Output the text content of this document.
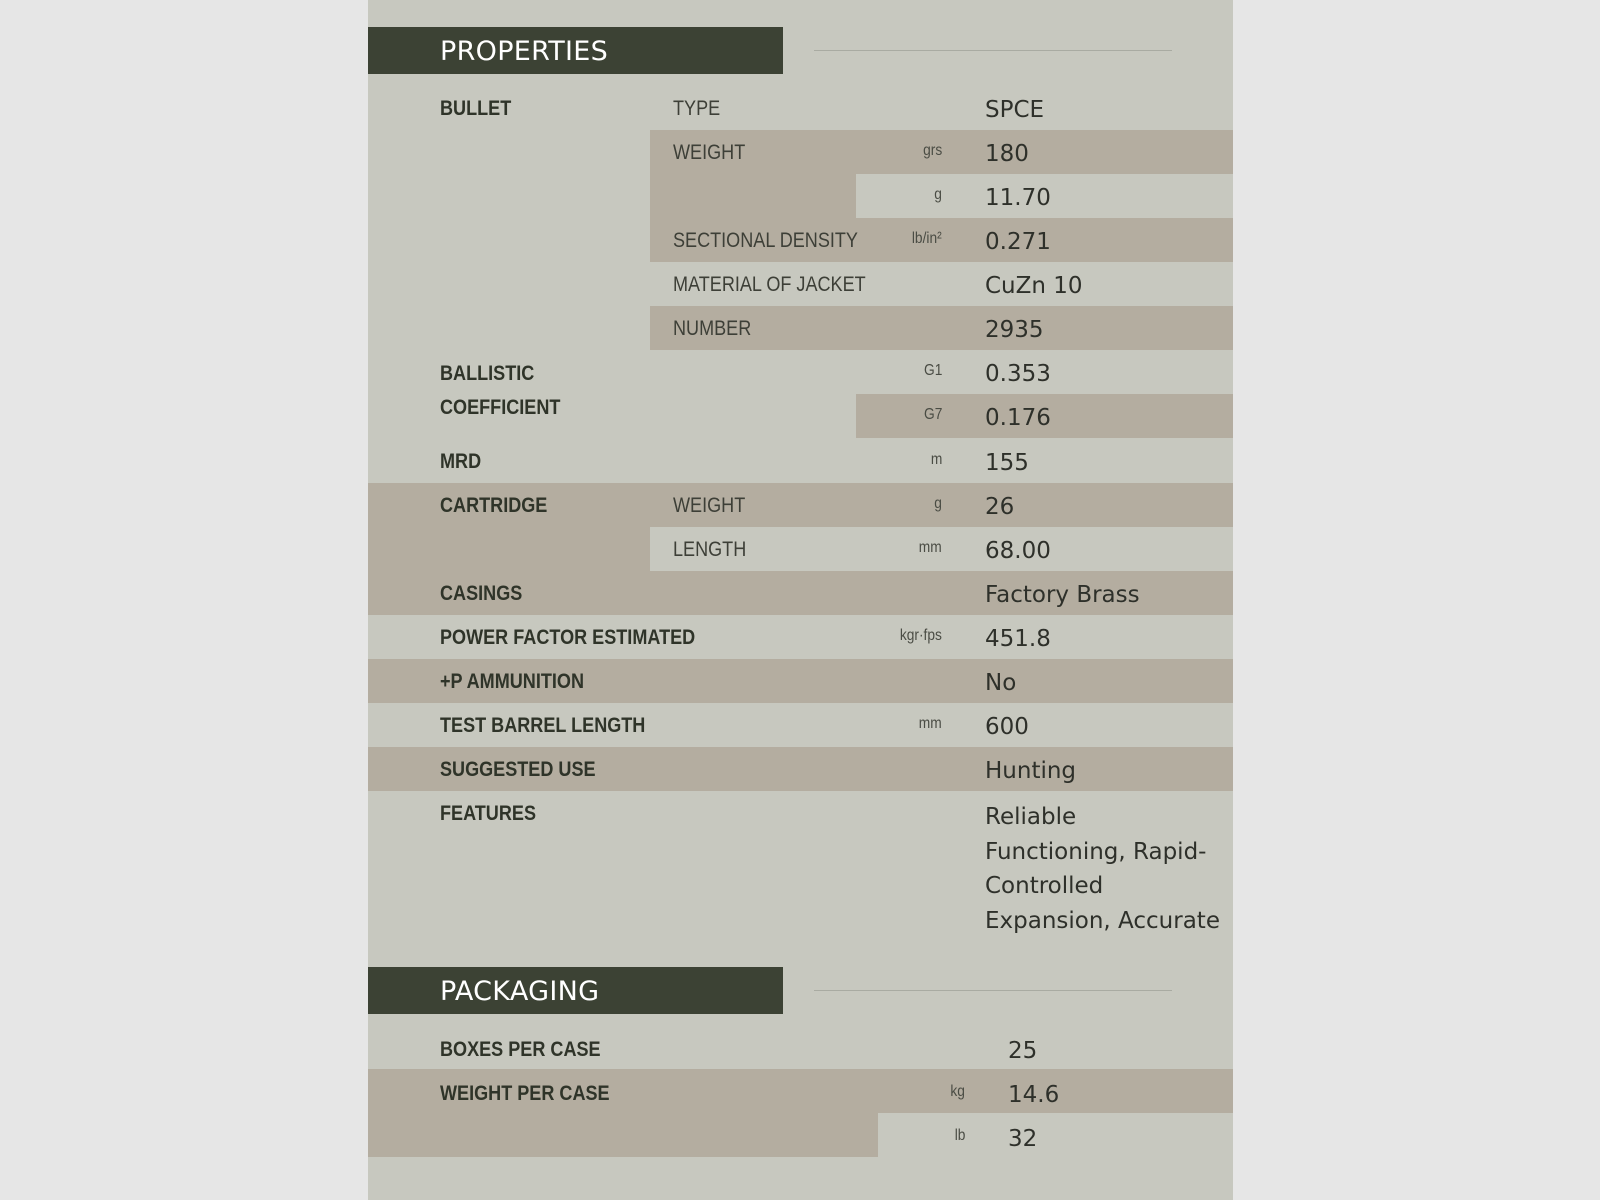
PROPERTIES
BULLET	TYPE	SPCE
WEIGHT	grs 180
g 11.70
SECTIONAL DENSITY	lb/in² 0.271
MATERIAL OF JACKET	CuZn 10
NUMBER	2935
BALLISTIC
COEFFICIENT
G1 0.353
G7 0.176
MRD	m 155
CARTRIDGE	WEIGHT	g 26
LENGTH	mm 68.00
CASINGS	Factory Brass
POWER FACTOR ESTIMATED	kgr·fps 451.8
+P AMMUNITION	No
TEST BARREL LENGTH	mm 600
SUGGESTED USE	Hunting
FEATURES	Reliable Functioning, Rapid-Controlled Expansion, Accurate
PACKAGING
BOXES PER CASE	25
WEIGHT PER CASE	kg 14.6
lb 32
